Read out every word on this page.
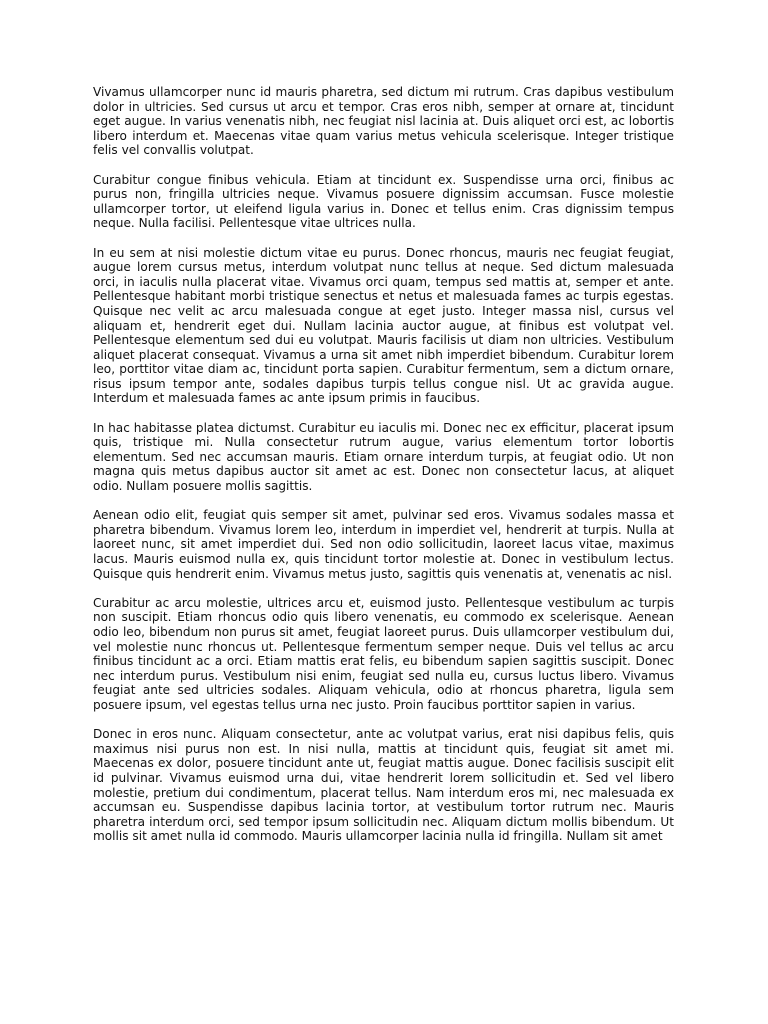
Vivamus ullamcorper nunc id mauris pharetra, sed dictum mi rutrum. Cras dapibus vestibulum dolor in ultricies. Sed cursus ut arcu et tempor. Cras eros nibh, semper at ornare at, tincidunt eget augue. In varius venenatis nibh, nec feugiat nisl lacinia at. Duis aliquet orci est, ac lobortis libero interdum et. Maecenas vitae quam varius metus vehicula scelerisque. Integer tristique felis vel convallis volutpat.

Curabitur congue finibus vehicula. Etiam at tincidunt ex. Suspendisse urna orci, finibus ac purus non, fringilla ultricies neque. Vivamus posuere dignissim accumsan. Fusce molestie ullamcorper tortor, ut eleifend ligula varius in. Donec et tellus enim. Cras dignissim tempus neque. Nulla facilisi. Pellentesque vitae ultrices nulla.

In eu sem at nisi molestie dictum vitae eu purus. Donec rhoncus, mauris nec feugiat feugiat, augue lorem cursus metus, interdum volutpat nunc tellus at neque. Sed dictum malesuada orci, in iaculis nulla placerat vitae. Vivamus orci quam, tempus sed mattis at, semper et ante. Pellentesque habitant morbi tristique senectus et netus et malesuada fames ac turpis egestas. Quisque nec velit ac arcu malesuada congue at eget justo. Integer massa nisl, cursus vel aliquam et, hendrerit eget dui. Nullam lacinia auctor augue, at finibus est volutpat vel. Pellentesque elementum sed dui eu volutpat. Mauris facilisis ut diam non ultricies. Vestibulum aliquet placerat consequat. Vivamus a urna sit amet nibh imperdiet bibendum. Curabitur lorem leo, porttitor vitae diam ac, tincidunt porta sapien. Curabitur fermentum, sem a dictum ornare, risus ipsum tempor ante, sodales dapibus turpis tellus congue nisl. Ut ac gravida augue. Interdum et malesuada fames ac ante ipsum primis in faucibus.

In hac habitasse platea dictumst. Curabitur eu iaculis mi. Donec nec ex efficitur, placerat ipsum quis, tristique mi. Nulla consectetur rutrum augue, varius elementum tortor lobortis elementum. Sed nec accumsan mauris. Etiam ornare interdum turpis, at feugiat odio. Ut non magna quis metus dapibus auctor sit amet ac est. Donec non consectetur lacus, at aliquet odio. Nullam posuere mollis sagittis.

Aenean odio elit, feugiat quis semper sit amet, pulvinar sed eros. Vivamus sodales massa et pharetra bibendum. Vivamus lorem leo, interdum in imperdiet vel, hendrerit at turpis. Nulla at laoreet nunc, sit amet imperdiet dui. Sed non odio sollicitudin, laoreet lacus vitae, maximus lacus. Mauris euismod nulla ex, quis tincidunt tortor molestie at. Donec in vestibulum lectus. Quisque quis hendrerit enim. Vivamus metus justo, sagittis quis venenatis at, venenatis ac nisl.

Curabitur ac arcu molestie, ultrices arcu et, euismod justo. Pellentesque vestibulum ac turpis non suscipit. Etiam rhoncus odio quis libero venenatis, eu commodo ex scelerisque. Aenean odio leo, bibendum non purus sit amet, feugiat laoreet purus. Duis ullamcorper vestibulum dui, vel molestie nunc rhoncus ut. Pellentesque fermentum semper neque. Duis vel tellus ac arcu finibus tincidunt ac a orci. Etiam mattis erat felis, eu bibendum sapien sagittis suscipit. Donec nec interdum purus. Vestibulum nisi enim, feugiat sed nulla eu, cursus luctus libero. Vivamus feugiat ante sed ultricies sodales. Aliquam vehicula, odio at rhoncus pharetra, ligula sem posuere ipsum, vel egestas tellus urna nec justo. Proin faucibus porttitor sapien in varius.

Donec in eros nunc. Aliquam consectetur, ante ac volutpat varius, erat nisi dapibus felis, quis maximus nisi purus non est. In nisi nulla, mattis at tincidunt quis, feugiat sit amet mi. Maecenas ex dolor, posuere tincidunt ante ut, feugiat mattis augue. Donec facilisis suscipit elit id pulvinar. Vivamus euismod urna dui, vitae hendrerit lorem sollicitudin et. Sed vel libero molestie, pretium dui condimentum, placerat tellus. Nam interdum eros mi, nec malesuada ex accumsan eu. Suspendisse dapibus lacinia tortor, at vestibulum tortor rutrum nec. Mauris pharetra interdum orci, sed tempor ipsum sollicitudin nec. Aliquam dictum mollis bibendum. Ut mollis sit amet nulla id commodo. Mauris ullamcorper lacinia nulla id fringilla. Nullam sit amet
